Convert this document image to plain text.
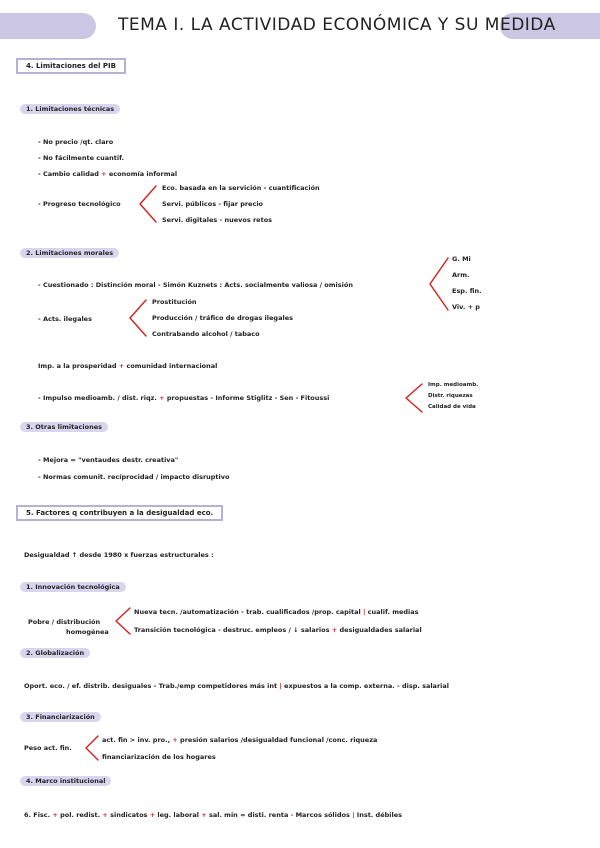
TEMA I. LA ACTIVIDAD ECONÓMICA Y SU MEDIDA
4. Limitaciones del PIB
1. Limitaciones técnicas
- No precio /qt. claro
- No fácilmente cuantif.
- Cambio calidad + economía informal
- Progreso tecnológico
Eco. basada en la servición - cuantificación
Servi. públicos - fijar precio
Servi. digitales - nuevos retos
2. Limitaciones morales
- Cuestionado : Distinción moral - Simón Kuznets : Acts. socialmente valiosa / omisión
G. Mi
Arm.
Esp. fin.
Viv. + p
- Acts. ilegales
Prostitución
Producción / tráfico de drogas ilegales
Contrabando alcohol / tabaco
Imp. a la prosperidad + comunidad internacional
- Impulso medioamb. / dist. riqz. + propuestas - Informe Stiglitz - Sen - Fitoussi
Imp. medioamb.
Distr. riquezas
Calidad de vida
3. Otras limitaciones
- Mejora = "ventaudes destr. creativa"
- Normas comunit. recíprocidad / impacto disruptivo
5. Factores q contribuyen a la desigualdad eco.
Desigualdad ↑ desde 1980 x fuerzas estructurales :
1. Innovación tecnológica
Pobre / distribución
homogénea
Nueva tecn. /automatización - trab. cualificados /prop. capital | cualif. medias
Transición tecnológica - destruc. empleos / ↓ salarios + desigualdades salarial
2. Globalización
Oport. eco. / ef. distrib. desiguales - Trab./emp competidores más int | expuestos a la comp. externa. - disp. salarial
3. Financiarización
Peso act. fin.
act. fin > inv. pro., + presión salarios /desigualdad funcional /conc. riqueza
financiarización de los hogares
4. Marco institucional
6. Fisc. + pol. redist. + sindicatos + leg. laboral + sal. min = disti. renta - Marcos sólidos | Inst. débiles
